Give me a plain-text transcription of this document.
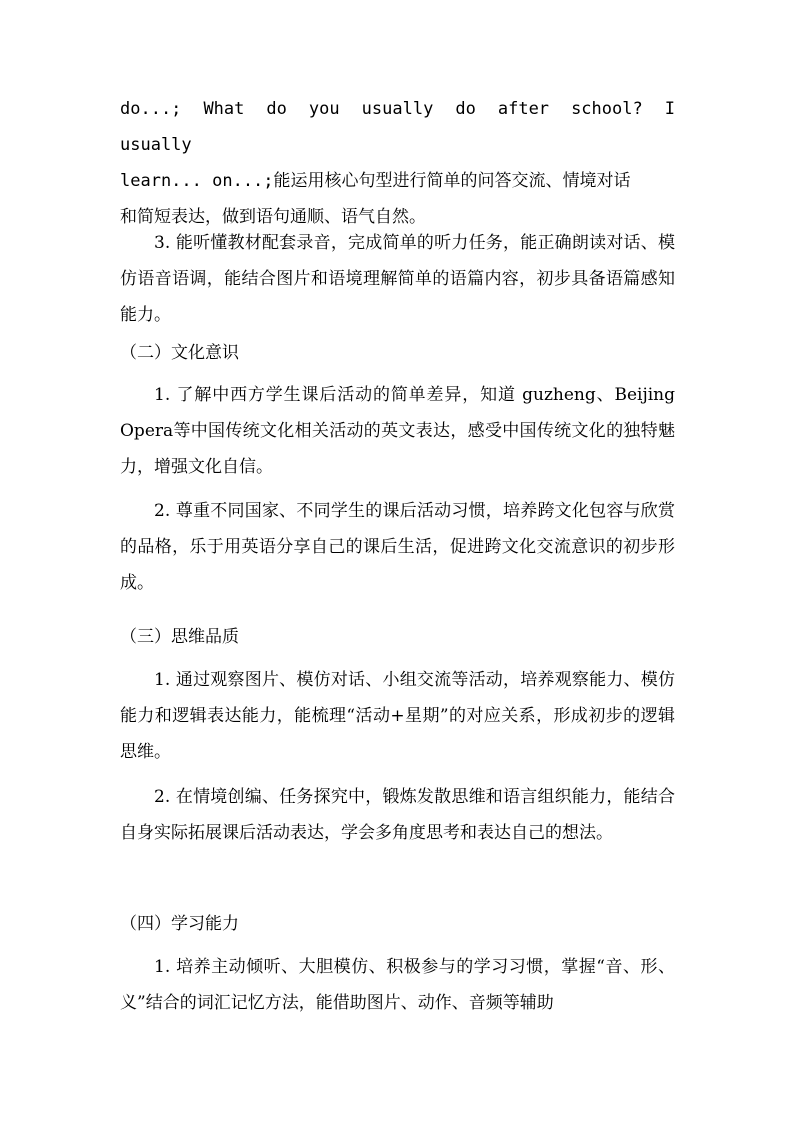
do...; What do you usually do after school? I usually
learn... on...;能运用核心句型进行简单的问答交流、情境对话
和简短表达，做到语句通顺、语气自然。

3. 能听懂教材配套录音，完成简单的听力任务，能正确朗读对话、模仿语音语调，能结合图片和语境理解简单的语篇内容，初步具备语篇感知能力。

（二）文化意识

1. 了解中西方学生课后活动的简单差异，知道 guzheng、Beijing Opera等中国传统文化相关活动的英文表达，感受中国传统文化的独特魅力，增强文化自信。

2. 尊重不同国家、不同学生的课后活动习惯，培养跨文化包容与欣赏的品格，乐于用英语分享自己的课后生活，促进跨文化交流意识的初步形成。

（三）思维品质

1. 通过观察图片、模仿对话、小组交流等活动，培养观察能力、模仿能力和逻辑表达能力，能梳理“活动+星期”的对应关系，形成初步的逻辑思维。

2. 在情境创编、任务探究中，锻炼发散思维和语言组织能力，能结合自身实际拓展课后活动表达，学会多角度思考和表达自己的想法。

（四）学习能力

1. 培养主动倾听、大胆模仿、积极参与的学习习惯，掌握“音、形、义”结合的词汇记忆方法，能借助图片、动作、音频等辅助
